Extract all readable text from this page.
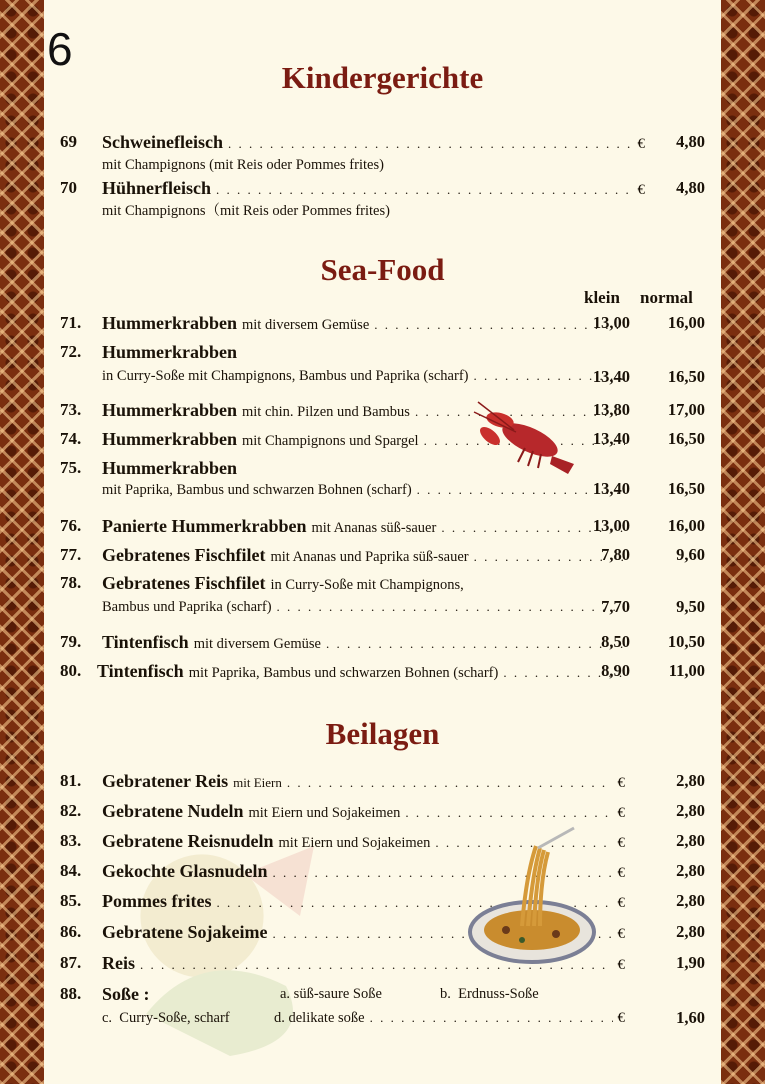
6
Kindergerichte
69 Schweinefleisch . . .	€ 4,80
mit Champignons (mit Reis oder Pommes frites)
70 Hühnerfleisch . . .	€ 4,80
mit Champignons（mit Reis oder Pommes frites)
Sea-Food
klein normal
71. Hummerkrabben mit diversem Gemüse . . .	13,00 16,00
72. Hummerkrabben
in Curry-Soße mit Champignons, Bambus und Paprika (scharf) . . .	13,40 16,50
73. Hummerkrabben mit chin. Pilzen und Bambus . . .	13,80 17,00
74. Hummerkrabben mit Champignons und Spargel . . .	13,40 16,50
75. Hummerkrabben
mit Paprika, Bambus und schwarzen Bohnen (scharf) . . .	13,40 16,50
76. Panierte Hummerkrabben mit Ananas süß-sauer . . .	13,00 16,00
77. Gebratenes Fischfilet mit Ananas und Paprika süß-sauer . . .	7,80	9,60
78. Gebratenes Fischfilet in Curry-Soße mit Champignons,
Bambus und Paprika (scharf) . . .	7,70	9,50
79. Tintenfisch mit diversem Gemüse . . .	8,50 10,50
80. Tintenfisch mit Paprika, Bambus und schwarzen Bohnen (scharf) . . .	8,90 11,00
Beilagen
81. Gebratener Reis mit Eiern . . .	€	2,80
82. Gebratene Nudeln mit Eiern und Sojakeimen . . .	€	2,80
83. Gebratene Reisnudeln mit Eiern und Sojakeimen . . .	€	2,80
84. Gekochte Glasnudeln . . .	€	2,80
85. Pommes frites . . .	€	2,80
86. Gebratene Sojakeime . . .	€	2,80
87. Reis . . .	€	1,90
88. Soße :	a. süß-saure Soße	b.  Erdnuss-Soße
c.  Curry-Soße, scharf	d. delikate soße . . .	€	1,60
